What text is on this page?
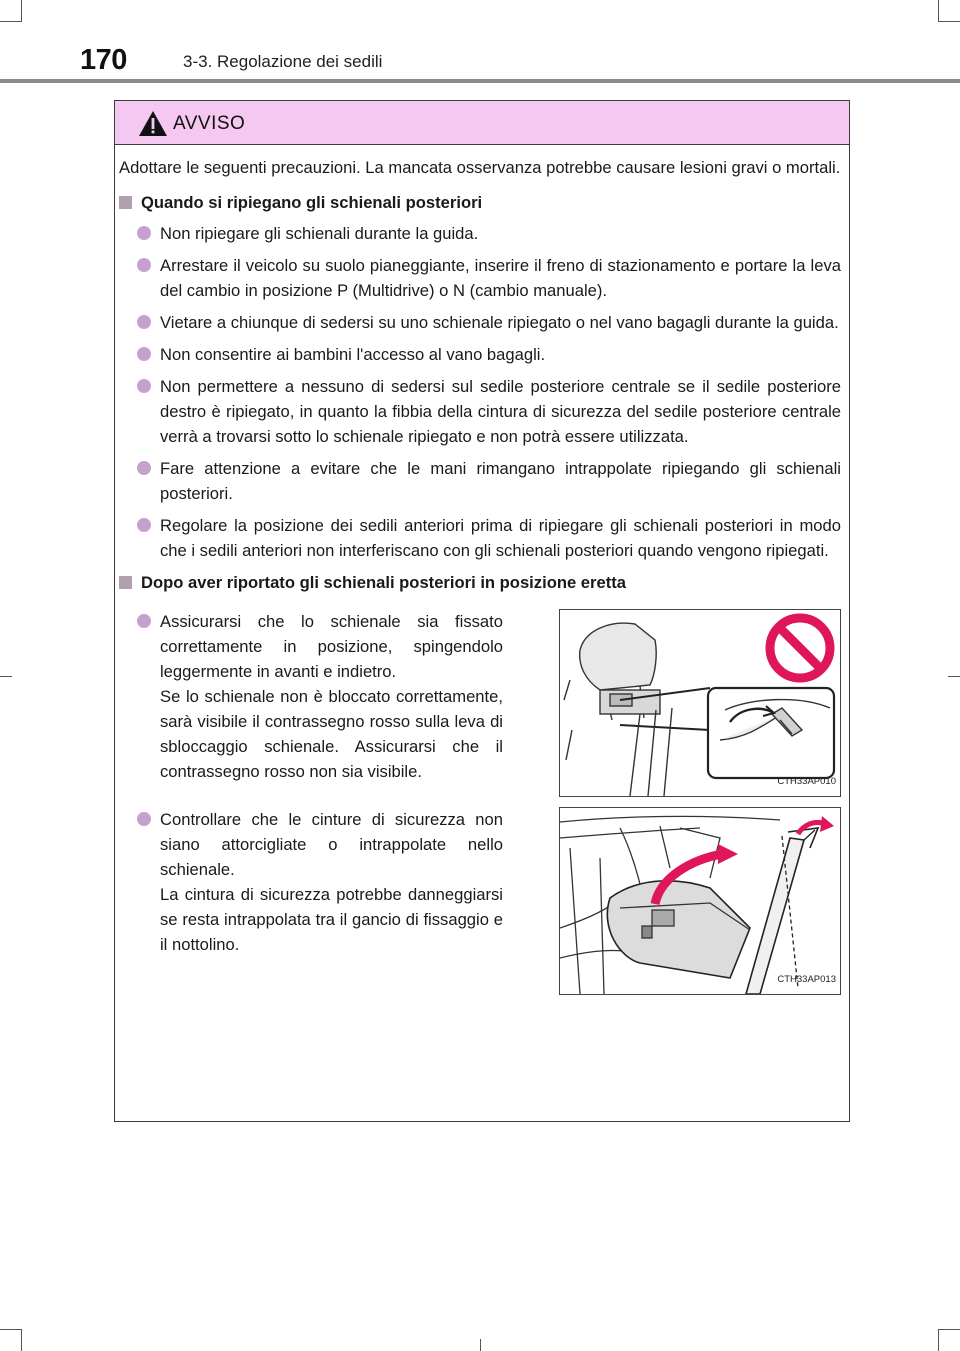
170	3-3. Regolazione dei sedili
AVVISO

Adottare le seguenti precauzioni. La mancata osservanza potrebbe causare lesioni gravi o mortali.

Quando si ripiegano gli schienali posteriori
Non ripiegare gli schienali durante la guida.
Arrestare il veicolo su suolo pianeggiante, inserire il freno di stazionamento e portare la leva del cambio in posizione P (Multidrive) o N (cambio manuale).
Vietare a chiunque di sedersi su uno schienale ripiegato o nel vano bagagli durante la guida.
Non consentire ai bambini l'accesso al vano bagagli.
Non permettere a nessuno di sedersi sul sedile posteriore centrale se il sedile posteriore destro è ripiegato, in quanto la fibbia della cintura di sicurezza del sedile posteriore centrale verrà a trovarsi sotto lo schienale ripiegato e non potrà essere utilizzata.
Fare attenzione a evitare che le mani rimangano intrappolate ripiegando gli schienali posteriori.
Regolare la posizione dei sedili anteriori prima di ripiegare gli schienali posteriori in modo che i sedili anteriori non interferiscano con gli schienali posteriori quando vengono ripiegati.
Dopo aver riportato gli schienali posteriori in posizione eretta
Assicurarsi che lo schienale sia fissato correttamente in posizione, spingendolo leggermente in avanti e indietro.
Se lo schienale non è bloccato correttamente, sarà visibile il contrassegno rosso sulla leva di sbloccaggio schienale. Assicurarsi che il contrassegno rosso non sia visibile.
CTH33AP010
Controllare che le cinture di sicurezza non siano attorcigliate o intrappolate nello schienale.
La cintura di sicurezza potrebbe danneggiarsi se resta intrappolata tra il gancio di fissaggio e il nottolino.
CTH33AP013
